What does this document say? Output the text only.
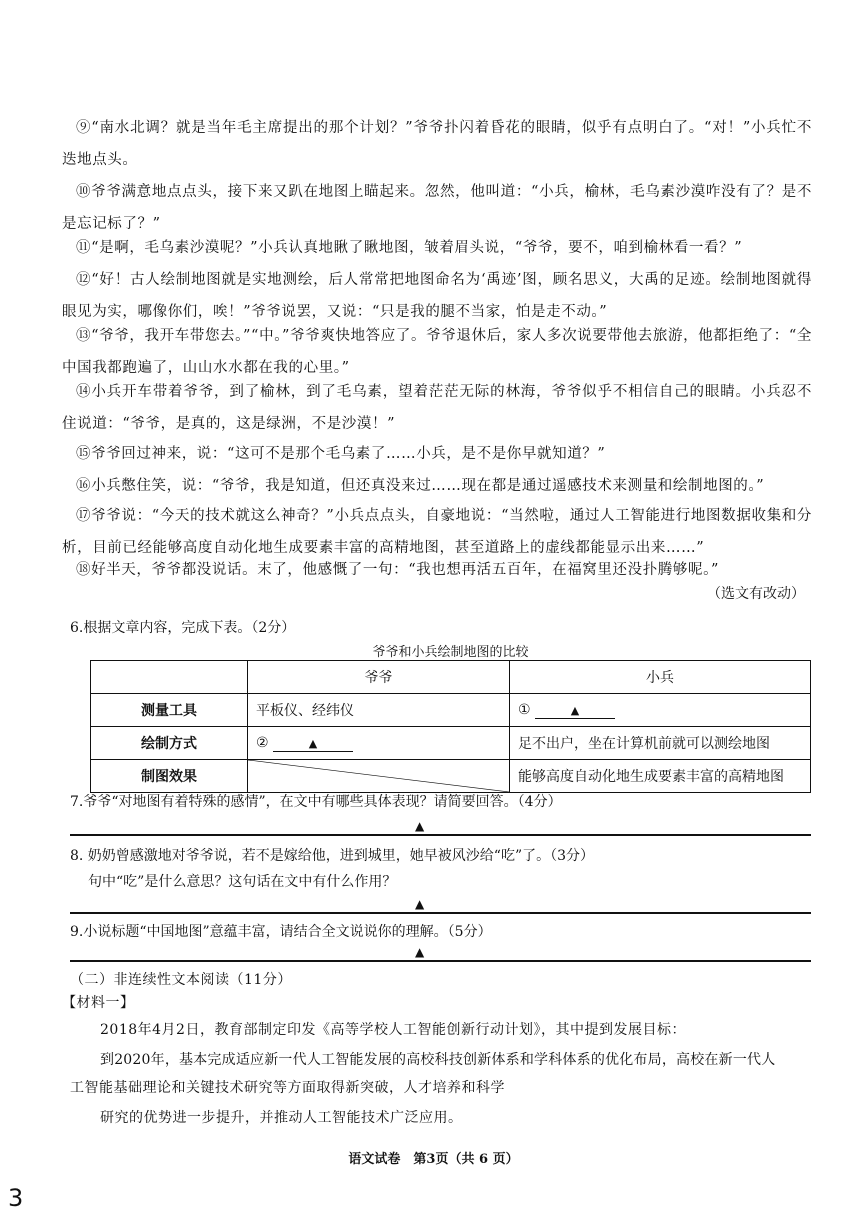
⑨“南水北调？就是当年毛主席提出的那个计划？”爷爷扑闪着昏花的眼睛，似乎有点明白了。“对！”小兵忙不迭地点头。
⑩爷爷满意地点点头，接下来又趴在地图上瞄起来。忽然，他叫道：“小兵，榆林，毛乌素沙漠咋没有了？是不是忘记标了？”
⑪“是啊，毛乌素沙漠呢？”小兵认真地瞅了瞅地图，皱着眉头说，“爷爷，要不，咱到榆林看一看？”
⑫“好！古人绘制地图就是实地测绘，后人常常把地图命名为‘禹迹’图，顾名思义，大禹的足迹。绘制地图就得眼见为实，哪像你们，唉！”爷爷说罢，又说：“只是我的腿不当家，怕是走不动。”
⑬“爷爷，我开车带您去。”“中。”爷爷爽快地答应了。爷爷退休后，家人多次说要带他去旅游，他都拒绝了：“全中国我都跑遍了，山山水水都在我的心里。”
⑭小兵开车带着爷爷，到了榆林，到了毛乌素，望着茫茫无际的林海，爷爷似乎不相信自己的眼睛。小兵忍不住说道：“爷爷，是真的，这是绿洲，不是沙漠！”
⑮爷爷回过神来，说：“这可不是那个毛乌素了……小兵，是不是你早就知道？”
⑯小兵憋住笑，说：“爷爷，我是知道，但还真没来过……现在都是通过遥感技术来测量和绘制地图的。”
⑰爷爷说：“今天的技术就这么神奇？”小兵点点头，自豪地说：“当然啦，通过人工智能进行地图数据收集和分析，目前已经能够高度自动化地生成要素丰富的高精地图，甚至道路上的虚线都能显示出来……”
⑱好半天，爷爷都没说话。末了，他感慨了一句：“我也想再活五百年，在福窝里还没扑腾够呢。”
（选文有改动）
6.根据文章内容，完成下表。（2分）
爷爷和小兵绘制地图的比较
	爷爷	小兵
测量工具	平板仪、经纬仪	① ▲
绘制方式	② ▲	足不出户，坐在计算机前就可以测绘地图
制图效果		能够高度自动化地生成要素丰富的高精地图
7.爷爷“对地图有着特殊的感情”，在文中有哪些具体表现？请简要回答。（4分）
▲
8. 奶奶曾感激地对爷爷说，若不是嫁给他，进到城里，她早被风沙给“吃”了。（3分）
句中“吃”是什么意思？这句话在文中有什么作用？
▲
9.小说标题“中国地图”意蕴丰富，请结合全文说说你的理解。（5分）
▲
（二）非连续性文本阅读（11分）
【材料一】
2018年4月2日，教育部制定印发《高等学校人工智能创新行动计划》，其中提到发展目标：
到2020年，基本完成适应新一代人工智能发展的高校科技创新体系和学科体系的优化布局，高校在新一代人
工智能基础理论和关键技术研究等方面取得新突破，人才培养和科学
研究的优势进一步提升，并推动人工智能技术广泛应用。
语文试卷　第3页（共 6 页）
3
